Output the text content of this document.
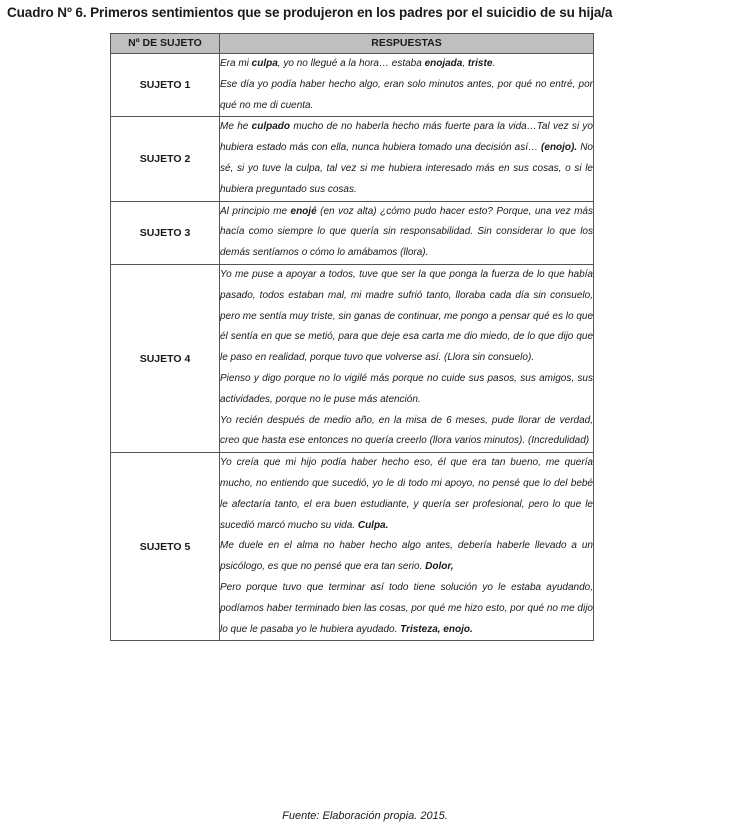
Cuadro Nº 6. Primeros sentimientos que se produjeron en los padres por el suicidio de su hija/a
Nº DE SUJETO	RESPUESTAS
SUJETO 1	Era mi culpa, yo no llegué a la hora… estaba enojada, triste.

Ese día yo podía haber hecho algo, eran solo minutos antes, por qué no entré, por qué no me di cuenta.

SUJETO 2	Me he culpado mucho de no haberla hecho más fuerte para la vida…Tal vez si yo hubiera estado más con ella, nunca hubiera tomado una decisión así… (enojo). No sé, si yo tuve la culpa, tal vez si me hubiera interesado más en sus cosas, o si le hubiera preguntado sus cosas.

SUJETO 3	Al principio me enojé (en voz alta) ¿cómo pudo hacer esto? Porque, una vez más hacía como siempre lo que quería sin responsabilidad. Sin considerar lo que los demás sentíamos o cómo lo amábamos (llora).

SUJETO 4	Yo me puse a apoyar a todos, tuve que ser la que ponga la fuerza de lo que había pasado, todos estaban mal, mi madre sufrió tanto, lloraba cada día sin consuelo, pero me sentía muy triste, sin ganas de continuar, me pongo a pensar qué es lo que él sentía en que se metió, para que deje esa carta me dio miedo, de lo que dijo que le paso en realidad, porque tuvo que volverse así. (Llora sin consuelo).

Pienso y digo porque no lo vigilé más porque no cuide sus pasos, sus amigos, sus actividades, porque no le puse más atención.

Yo recién después de medio año, en la misa de 6 meses, pude llorar de verdad, creo que hasta ese entonces no quería creerlo (llora varios minutos). (Incredulidad)

SUJETO 5	Yo creía que mi hijo podía haber hecho eso, él que era tan bueno, me quería mucho, no entiendo que sucedió, yo le di todo mi apoyo, no pensé que lo del bebé le afectaría tanto, el era buen estudiante, y quería ser profesional, pero lo que le sucedió marcó mucho su vida. Culpa.

Me duele en el alma no haber hecho algo antes, debería haberle llevado a un psicólogo, es que no pensé que era tan serio. Dolor,

Pero porque tuvo que terminar así todo tiene solución yo le estaba ayudando, podíamos haber terminado bien las cosas, por qué me hizo esto, por qué no me dijo lo que le pasaba yo le hubiera ayudado. Tristeza, enojo.

Fuente: Elaboración propia. 2015.
